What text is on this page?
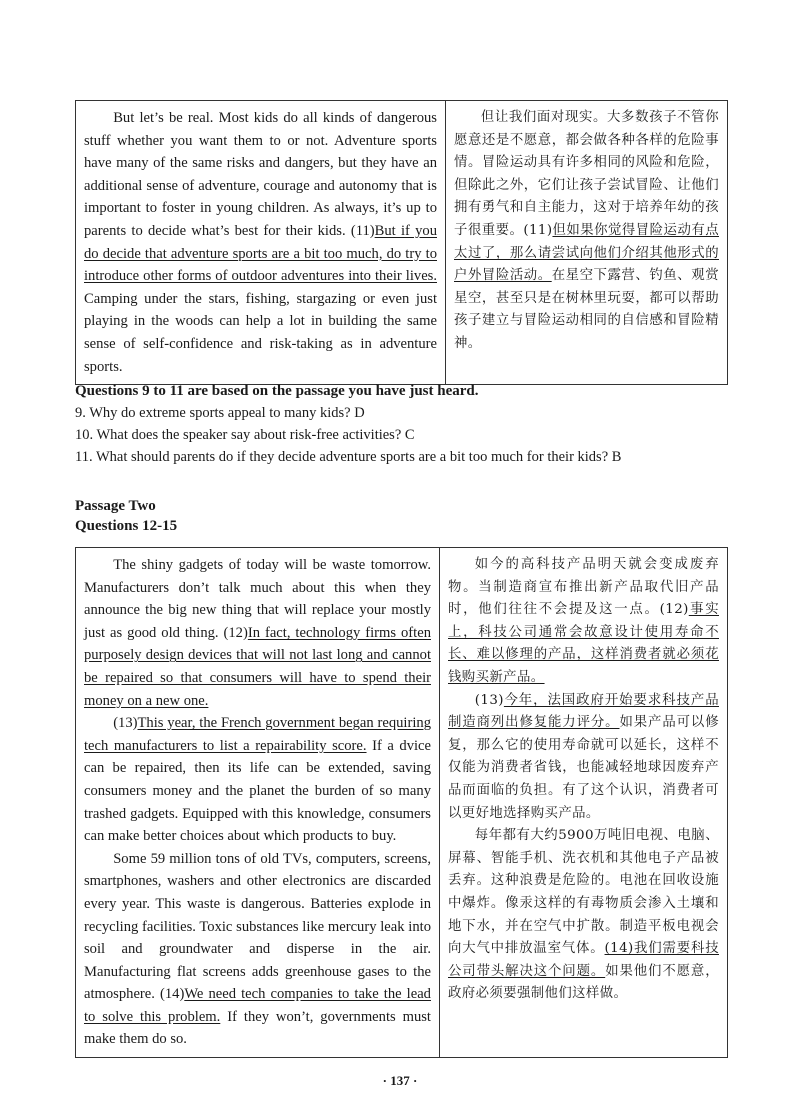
But let’s be real. Most kids do all kinds of dangerous stuff whether you want them to or not. Adventure sports have many of the same risks and dangers, but they have an additional sense of adventure, courage and autonomy that is important to foster in young children. As always, it’s up to parents to decide what’s best for their kids. (11)But if you do decide that adventure sports are a bit too much, do try to introduce other forms of outdoor adventures into their lives. Camping under the stars, fishing, stargazing or even just playing in the woods can help a lot in building the same sense of self-confidence and risk-taking as in adventure sports.

但让我们面对现实。大多数孩子不管你愿意还是不愿意，都会做各种各样的危险事情。冒险运动具有许多相同的风险和危险，但除此之外，它们让孩子尝试冒险、让他们拥有勇气和自主能力，这对于培养年幼的孩子很重要。(11)但如果你觉得冒险运动有点太过了，那么请尝试向他们介绍其他形式的户外冒险活动。在星空下露营、钓鱼、观赏星空，甚至只是在树林里玩耍，都可以帮助孩子建立与冒险运动相同的自信感和冒险精神。

Questions 9 to 11 are based on the passage you have just heard.
9. Why do extreme sports appeal to many kids? D
10. What does the speaker say about risk-free activities? C
11. What should parents do if they decide adventure sports are a bit too much for their kids? B
Passage Two
Questions 12-15

The shiny gadgets of today will be waste tomorrow. Manufacturers don’t talk much about this when they announce the big new thing that will replace your mostly just as good old thing. (12)In fact, technology firms often purposely design devices that will not last long and cannot be repaired so that consumers will have to spend their money on a new one.

(13)This year, the French government began requiring tech manufacturers to list a repairability score. If a dvice can be repaired, then its life can be extended, saving consumers money and the planet the burden of so many trashed gadgets. Equipped with this knowledge, consumers can make better choices about which products to buy.

Some 59 million tons of old TVs, computers, screens, smartphones, washers and other electronics are discarded every year. This waste is dangerous. Batteries explode in recycling facilities. Toxic substances like mercury leak into soil and groundwater and disperse in the air. Manufacturing flat screens adds greenhouse gases to the atmosphere. (14)We need tech companies to take the lead to solve this problem. If they won’t, governments must make them do so.

如今的高科技产品明天就会变成废弃物。当制造商宣布推出新产品取代旧产品时，他们往往不会提及这一点。(12)事实上，科技公司通常会故意设计使用寿命不长、难以修理的产品，这样消费者就必须花钱购买新产品。

(13)今年，法国政府开始要求科技产品制造商列出修复能力评分。如果产品可以修复，那么它的使用寿命就可以延长，这样不仅能为消费者省钱，也能减轻地球因废弃产品而面临的负担。有了这个认识，消费者可以更好地选择购买产品。

每年都有大约5900万吨旧电视、电脑、屏幕、智能手机、洗衣机和其他电子产品被丢弃。这种浪费是危险的。电池在回收设施中爆炸。像汞这样的有毒物质会渗入土壤和地下水，并在空气中扩散。制造平板电视会向大气中排放温室气体。(14)我们需要科技公司带头解决这个问题。如果他们不愿意，政府必须要强制他们这样做。

· 137 ·
